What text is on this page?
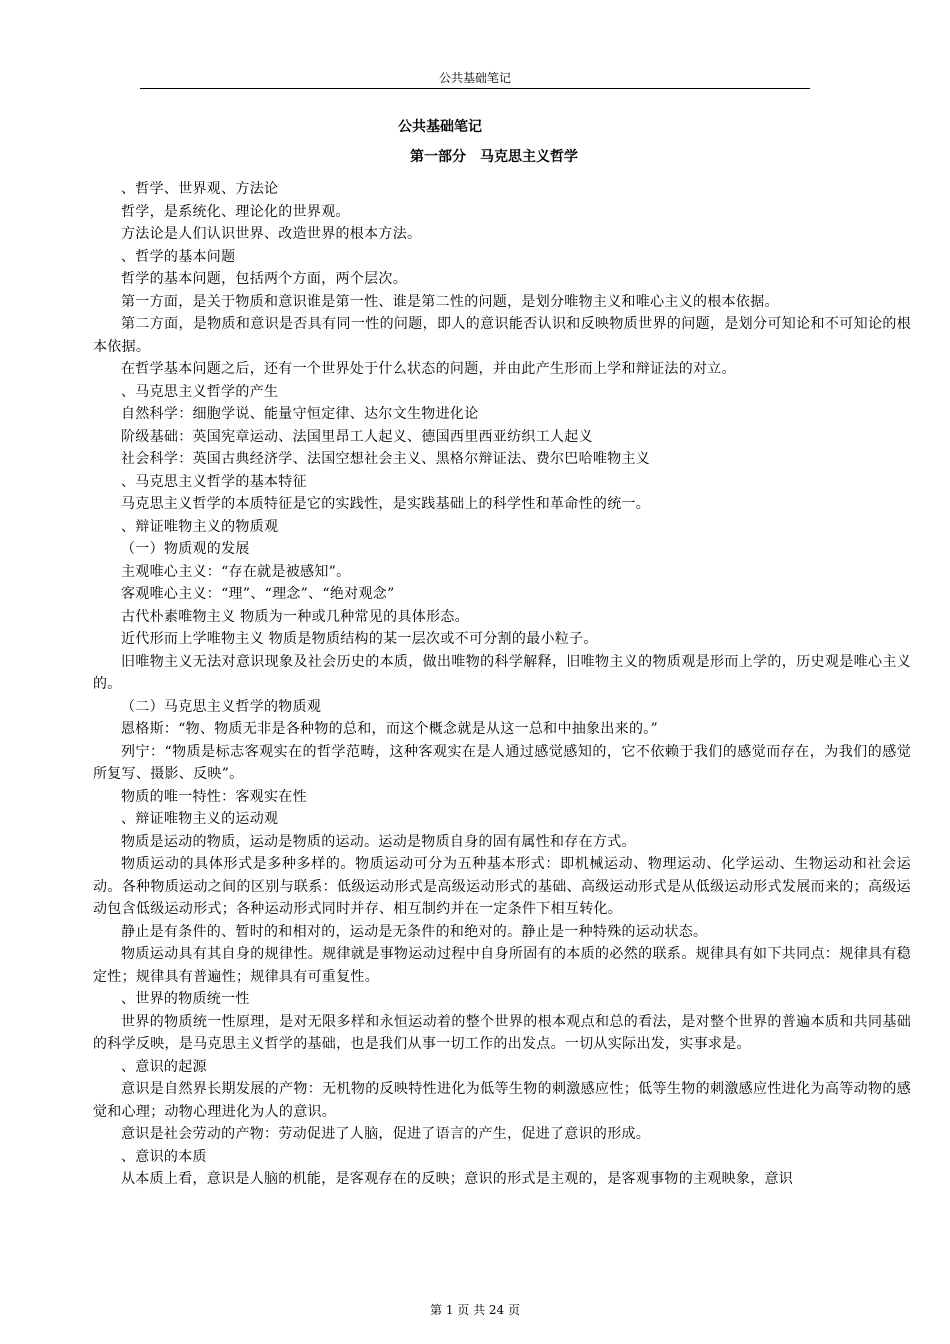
公共基础笔记
公共基础笔记
第一部分　马克思主义哲学

、哲学、世界观、方法论

哲学，是系统化、理论化的世界观。

方法论是人们认识世界、改造世界的根本方法。

、哲学的基本问题

哲学的基本问题，包括两个方面，两个层次。

第一方面，是关于物质和意识谁是第一性、谁是第二性的问题，是划分唯物主义和唯心主义的根本依据。

第二方面，是物质和意识是否具有同一性的问题，即人的意识能否认识和反映物质世界的问题，是划分可知论和不可知论的根本依据。

在哲学基本问题之后，还有一个世界处于什么状态的问题，并由此产生形而上学和辩证法的对立。

、马克思主义哲学的产生

自然科学：细胞学说、能量守恒定律、达尔文生物进化论

阶级基础：英国宪章运动、法国里昂工人起义、德国西里西亚纺织工人起义

社会科学：英国古典经济学、法国空想社会主义、黑格尔辩证法、费尔巴哈唯物主义

、马克思主义哲学的基本特征

马克思主义哲学的本质特征是它的实践性，是实践基础上的科学性和革命性的统一。

、辩证唯物主义的物质观

（一）物质观的发展

主观唯心主义：“存在就是被感知”。

客观唯心主义：“理”、“理念”、“绝对观念”

古代朴素唯物主义 物质为一种或几种常见的具体形态。

近代形而上学唯物主义 物质是物质结构的某一层次或不可分割的最小粒子。

旧唯物主义无法对意识现象及社会历史的本质，做出唯物的科学解释，旧唯物主义的物质观是形而上学的，历史观是唯心主义的。

（二）马克思主义哲学的物质观

恩格斯：“物、物质无非是各种物的总和，而这个概念就是从这一总和中抽象出来的。”

列宁：“物质是标志客观实在的哲学范畴，这种客观实在是人通过感觉感知的，它不依赖于我们的感觉而存在，为我们的感觉所复写、摄影、反映”。

物质的唯一特性：客观实在性

、辩证唯物主义的运动观

物质是运动的物质，运动是物质的运动。运动是物质自身的固有属性和存在方式。

物质运动的具体形式是多种多样的。物质运动可分为五种基本形式：即机械运动、物理运动、化学运动、生物运动和社会运动。各种物质运动之间的区别与联系：低级运动形式是高级运动形式的基础、高级运动形式是从低级运动形式发展而来的；高级运动包含低级运动形式；各种运动形式同时并存、相互制约并在一定条件下相互转化。

静止是有条件的、暂时的和相对的，运动是无条件的和绝对的。静止是一种特殊的运动状态。

物质运动具有其自身的规律性。规律就是事物运动过程中自身所固有的本质的必然的联系。规律具有如下共同点：规律具有稳定性；规律具有普遍性；规律具有可重复性。

、世界的物质统一性

世界的物质统一性原理，是对无限多样和永恒运动着的整个世界的根本观点和总的看法，是对整个世界的普遍本质和共同基础的科学反映，是马克思主义哲学的基础，也是我们从事一切工作的出发点。一切从实际出发，实事求是。

、意识的起源

意识是自然界长期发展的产物：无机物的反映特性进化为低等生物的刺激感应性；低等生物的刺激感应性进化为高等动物的感觉和心理；动物心理进化为人的意识。

意识是社会劳动的产物：劳动促进了人脑，促进了语言的产生，促进了意识的形成。

、意识的本质

从本质上看，意识是人脑的机能，是客观存在的反映；意识的形式是主观的，是客观事物的主观映象，意识

第 1 页 共 24 页
